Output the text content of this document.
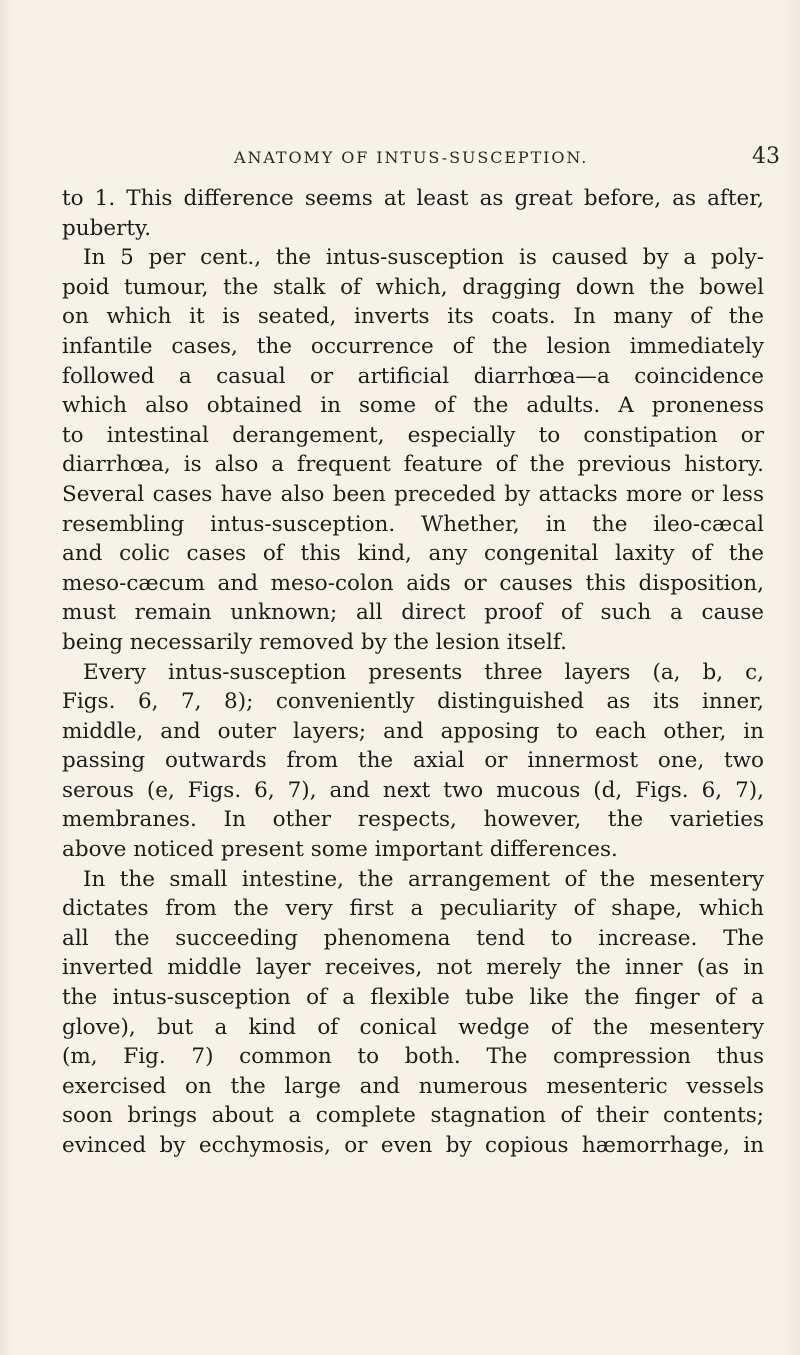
ANATOMY OF INTUS-SUSCEPTION.	43
to 1. This difference seems at least as great before, as after,
puberty.
In 5 per cent., the intus-susception is caused by a poly-
poid tumour, the stalk of which, dragging down the bowel
on which it is seated, inverts its coats. In many of the
infantile cases, the occurrence of the lesion immediately
followed a casual or artificial diarrhœa—a coincidence
which also obtained in some of the adults. A proneness
to intestinal derangement, especially to constipation or
diarrhœa, is also a frequent feature of the previous history.
Several cases have also been preceded by attacks more or less
resembling intus-susception. Whether, in the ileo-cæcal
and colic cases of this kind, any congenital laxity of the
meso-cæcum and meso-colon aids or causes this disposition,
must remain unknown; all direct proof of such a cause
being necessarily removed by the lesion itself.
Every intus-susception presents three layers (a, b, c,
Figs. 6, 7, 8); conveniently distinguished as its inner,
middle, and outer layers; and apposing to each other, in
passing outwards from the axial or innermost one, two
serous (e, Figs. 6, 7), and next two mucous (d, Figs. 6, 7),
membranes. In other respects, however, the varieties
above noticed present some important differences.
In the small intestine, the arrangement of the mesentery
dictates from the very first a peculiarity of shape, which
all the succeeding phenomena tend to increase. The
inverted middle layer receives, not merely the inner (as in
the intus-susception of a flexible tube like the finger of a
glove), but a kind of conical wedge of the mesentery
(m, Fig. 7) common to both. The compression thus
exercised on the large and numerous mesenteric vessels
soon brings about a complete stagnation of their contents;
evinced by ecchymosis, or even by copious hæmorrhage, in
